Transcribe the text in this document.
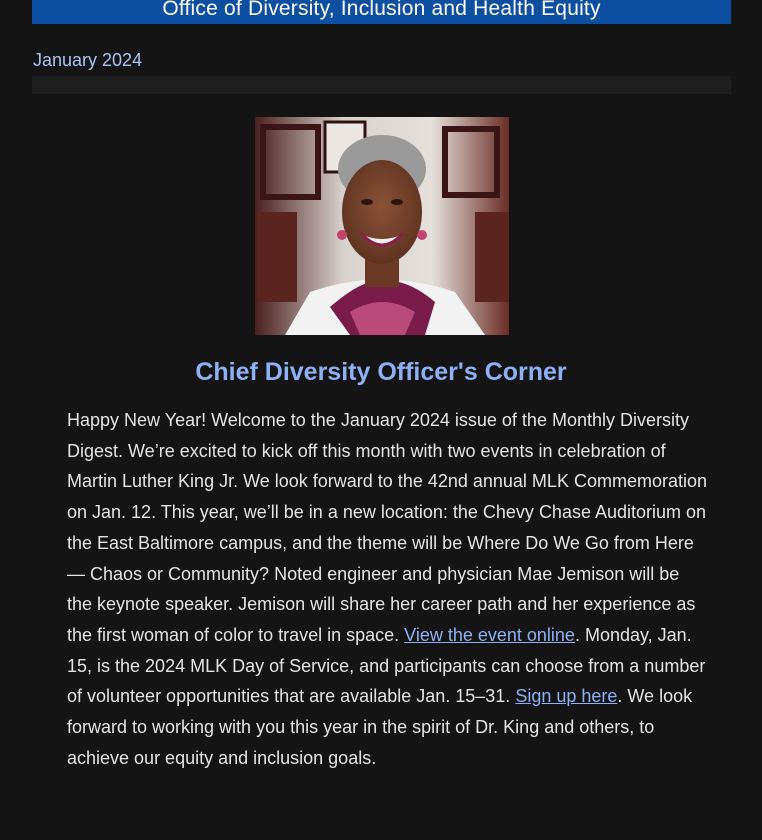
Office of Diversity, Inclusion and Health Equity
January 2024
Chief Diversity Officer's Corner
Happy New Year! Welcome to the January 2024 issue of the Monthly Diversity Digest. We’re excited to kick off this month with two events in celebration of Martin Luther King Jr. We look forward to the 42nd annual MLK Commemoration on Jan. 12. This year, we’ll be in a new location: the Chevy Chase Auditorium on the East Baltimore campus, and the theme will be Where Do We Go from Here — Chaos or Community? Noted engineer and physician Mae Jemison will be the keynote speaker. Jemison will share her career path and her experience as the first woman of color to travel in space. View the event online. Monday, Jan. 15, is the 2024 MLK Day of Service, and participants can choose from a number of volunteer opportunities that are available Jan. 15–31. Sign up here. We look forward to working with you this year in the spirit of Dr. King and others, to achieve our equity and inclusion goals.
